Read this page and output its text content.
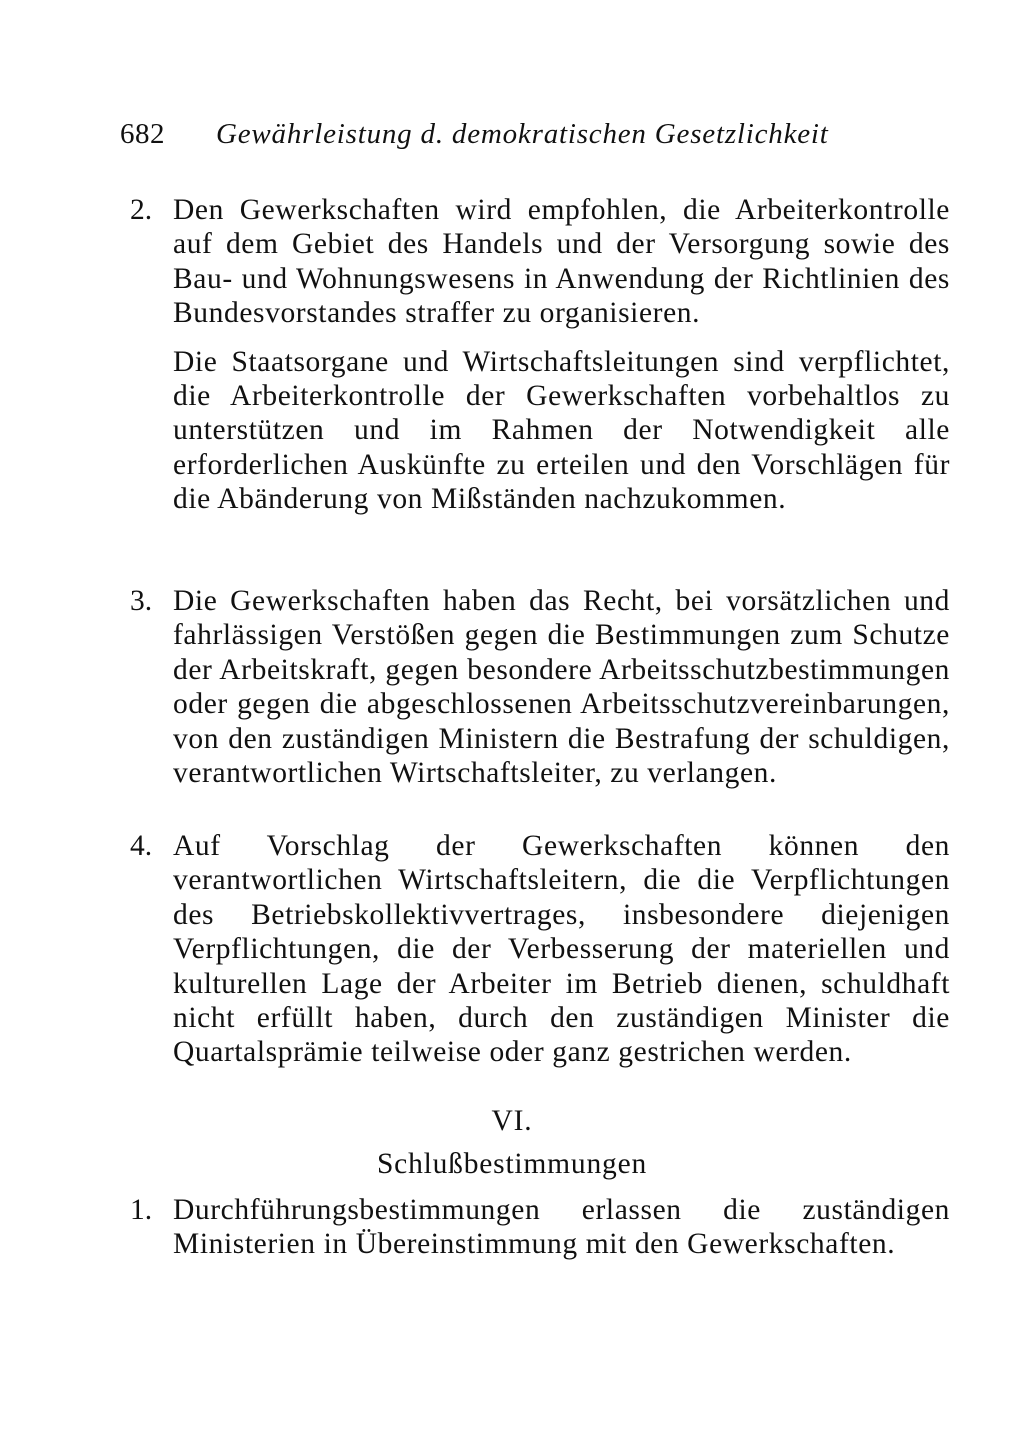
682 Gewährleistung d. demokratischen Gesetzlichkeit
2. Den Gewerkschaften wird empfohlen, die Arbeiterkontrolle auf dem Gebiet des Handels und der Versorgung sowie des Bau- und Wohnungswesens in Anwendung der Richtlinien des Bundesvorstandes straffer zu organisieren.

Die Staatsorgane und Wirtschaftsleitungen sind verpflichtet, die Arbeiterkontrolle der Gewerkschaften vorbehaltlos zu unterstützen und im Rahmen der Notwendigkeit alle erforderlichen Auskünfte zu erteilen und den Vorschlägen für die Abänderung von Mißständen nachzukommen.

3. Die Gewerkschaften haben das Recht, bei vorsätzlichen und fahrlässigen Verstößen gegen die Bestimmungen zum Schutze der Arbeitskraft, gegen besondere Arbeitsschutzbestimmungen oder gegen die abgeschlossenen Arbeitsschutzvereinbarungen, von den zuständigen Ministern die Bestrafung der schuldigen, verantwortlichen Wirtschaftsleiter, zu verlangen.

4. Auf Vorschlag der Gewerkschaften können den verantwortlichen Wirtschaftsleitern, die die Verpflichtungen des Betriebskollektivvertrages, insbesondere diejenigen Verpflichtungen, die der Verbesserung der materiellen und kulturellen Lage der Arbeiter im Betrieb dienen, schuldhaft nicht erfüllt haben, durch den zuständigen Minister die Quartalsprämie teilweise oder ganz gestrichen werden.

VI.
Schlußbestimmungen
1. Durchführungsbestimmungen erlassen die zuständigen Ministerien in Übereinstimmung mit den Gewerkschaften.
